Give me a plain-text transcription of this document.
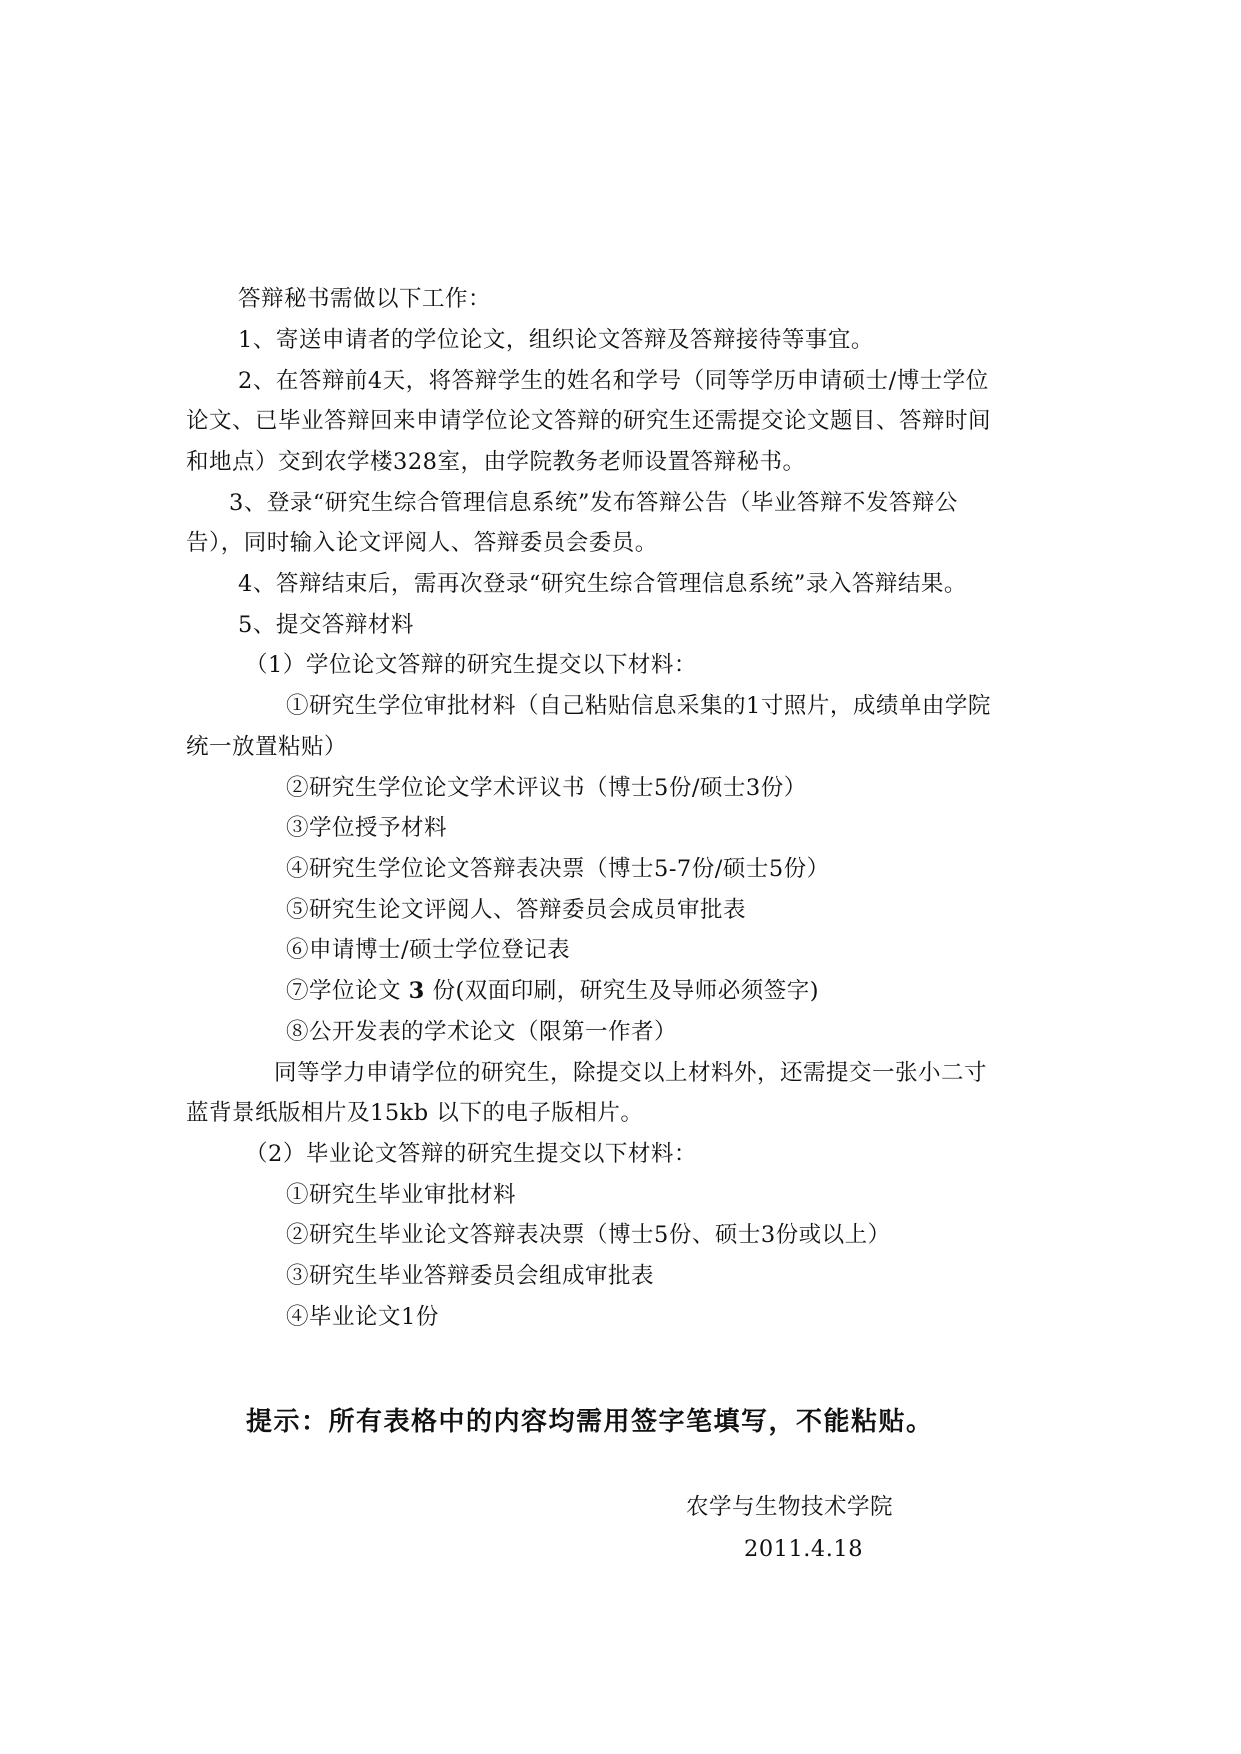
答辩秘书需做以下工作：

1、寄送申请者的学位论文，组织论文答辩及答辩接待等事宜。

2、在答辩前4天，将答辩学生的姓名和学号（同等学历申请硕士/博士学位

论文、已毕业答辩回来申请学位论文答辩的研究生还需提交论文题目、答辩时间

和地点）交到农学楼328室，由学院教务老师设置答辩秘书。

3、登录“研究生综合管理信息系统”发布答辩公告（毕业答辩不发答辩公

告），同时输入论文评阅人、答辩委员会委员。

4、答辩结束后，需再次登录“研究生综合管理信息系统”录入答辩结果。

5、提交答辩材料

（1）学位论文答辩的研究生提交以下材料：

①研究生学位审批材料（自己粘贴信息采集的1寸照片，成绩单由学院

统一放置粘贴）

②研究生学位论文学术评议书（博士5份/硕士3份）

③学位授予材料

④研究生学位论文答辩表决票（博士5-7份/硕士5份）

⑤研究生论文评阅人、答辩委员会成员审批表

⑥申请博士/硕士学位登记表

⑦学位论文 3 份(双面印刷，研究生及导师必须签字)

⑧公开发表的学术论文（限第一作者）

同等学力申请学位的研究生，除提交以上材料外，还需提交一张小二寸

蓝背景纸版相片及15kb 以下的电子版相片。

（2）毕业论文答辩的研究生提交以下材料：

①研究生毕业审批材料

②研究生毕业论文答辩表决票（博士5份、硕士3份或以上）

③研究生毕业答辩委员会组成审批表

④毕业论文1份

提示：所有表格中的内容均需用签字笔填写，不能粘贴。

农学与生物技术学院

2011.4.18
